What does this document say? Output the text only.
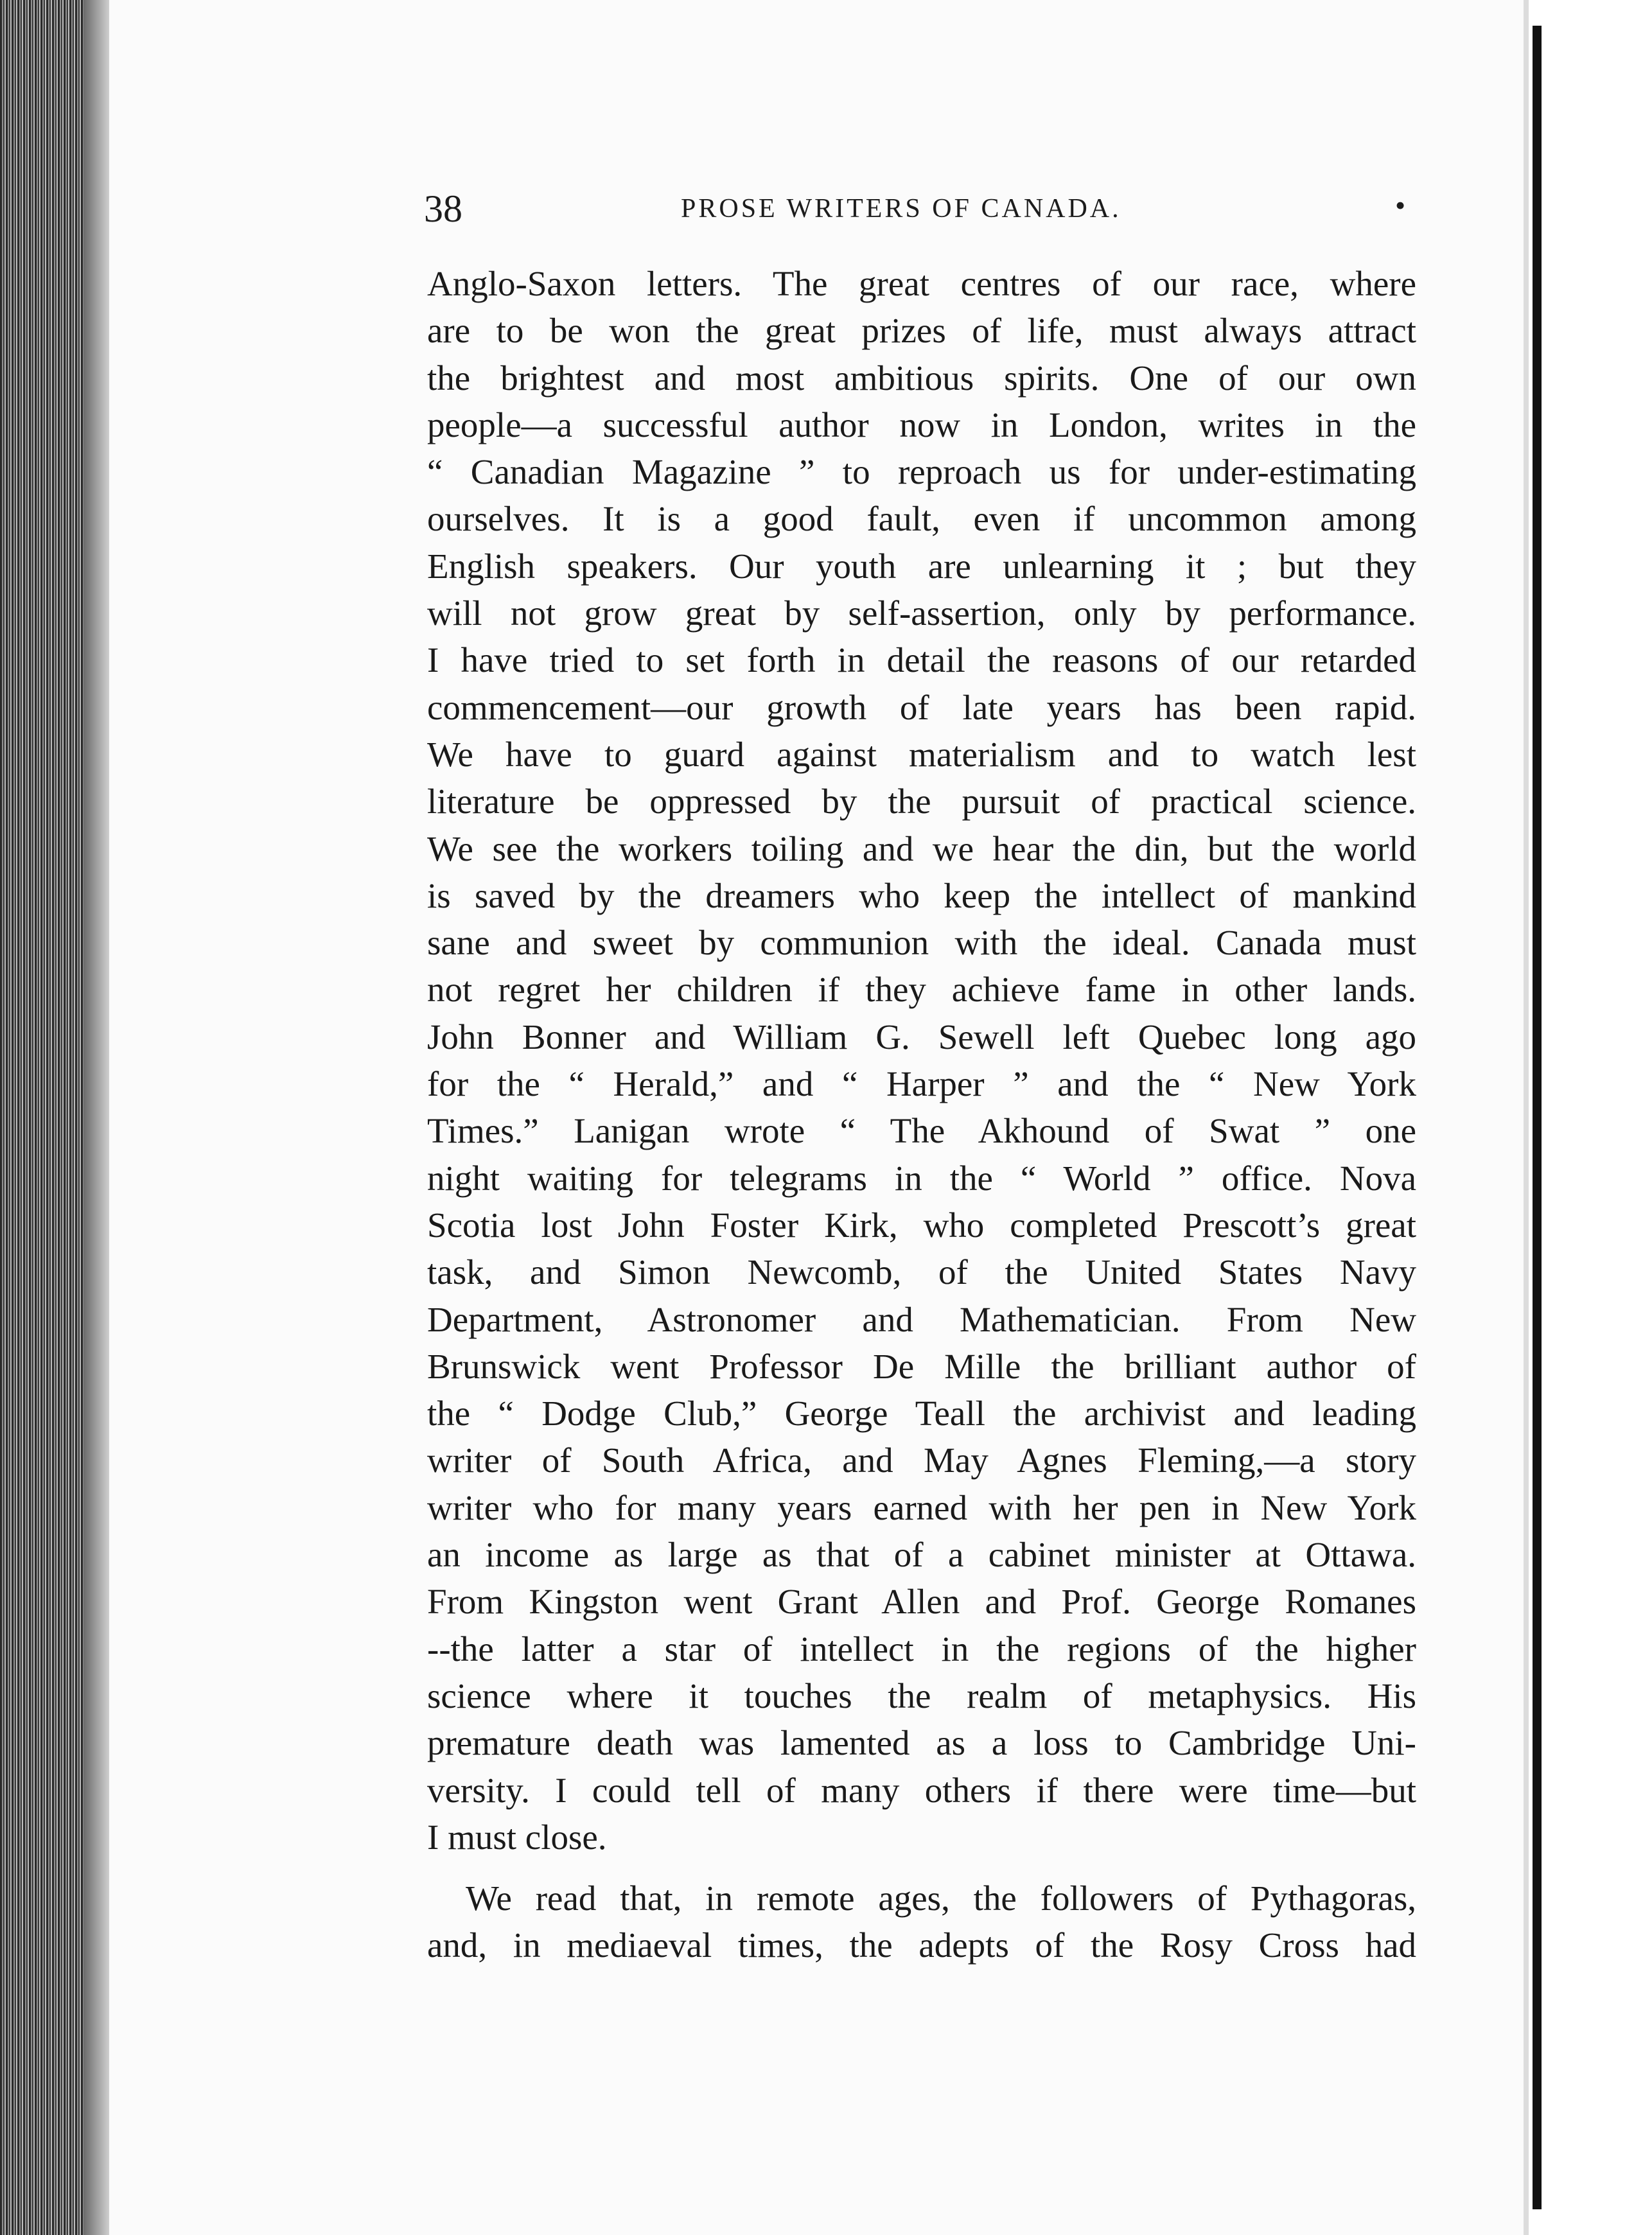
38	PROSE WRITERS OF CANADA.	•
Anglo-Saxon letters. The great centres of our race, where
are to be won the great prizes of life, must always attract
the brightest and most ambitious spirits. One of our own
people—a successful author now in London, writes in the
“ Canadian Magazine ” to reproach us for under-estimating
ourselves. It is a good fault, even if uncommon among
English speakers. Our youth are unlearning it ; but they
will not grow great by self-assertion, only by performance.
I have tried to set forth in detail the reasons of our retarded
commencement—our growth of late years has been rapid.
We have to guard against materialism and to watch lest
literature be oppressed by the pursuit of practical science.
We see the workers toiling and we hear the din, but the world
is saved by the dreamers who keep the intellect of mankind
sane and sweet by communion with the ideal. Canada must
not regret her children if they achieve fame in other lands.
John Bonner and William G. Sewell left Quebec long ago
for the “ Herald,” and “ Harper ” and the “ New York
Times.” Lanigan wrote “ The Akhound of Swat ” one
night waiting for telegrams in the “ World ” office. Nova
Scotia lost John Foster Kirk, who completed Prescott’s great
task, and Simon Newcomb, of the United States Navy
Department, Astronomer and Mathematician. From New
Brunswick went Professor De Mille the brilliant author of
the “ Dodge Club,” George Teall the archivist and leading
writer of South Africa, and May Agnes Fleming,—a story
writer who for many years earned with her pen in New York
an income as large as that of a cabinet minister at Ottawa.
From Kingston went Grant Allen and Prof. George Romanes
--the latter a star of intellect in the regions of the higher
science where it touches the realm of metaphysics. His
premature death was lamented as a loss to Cambridge Uni-
versity. I could tell of many others if there were time—but
I must close.
We read that, in remote ages, the followers of Pythagoras,
and, in mediaeval times, the adepts of the Rosy Cross had
